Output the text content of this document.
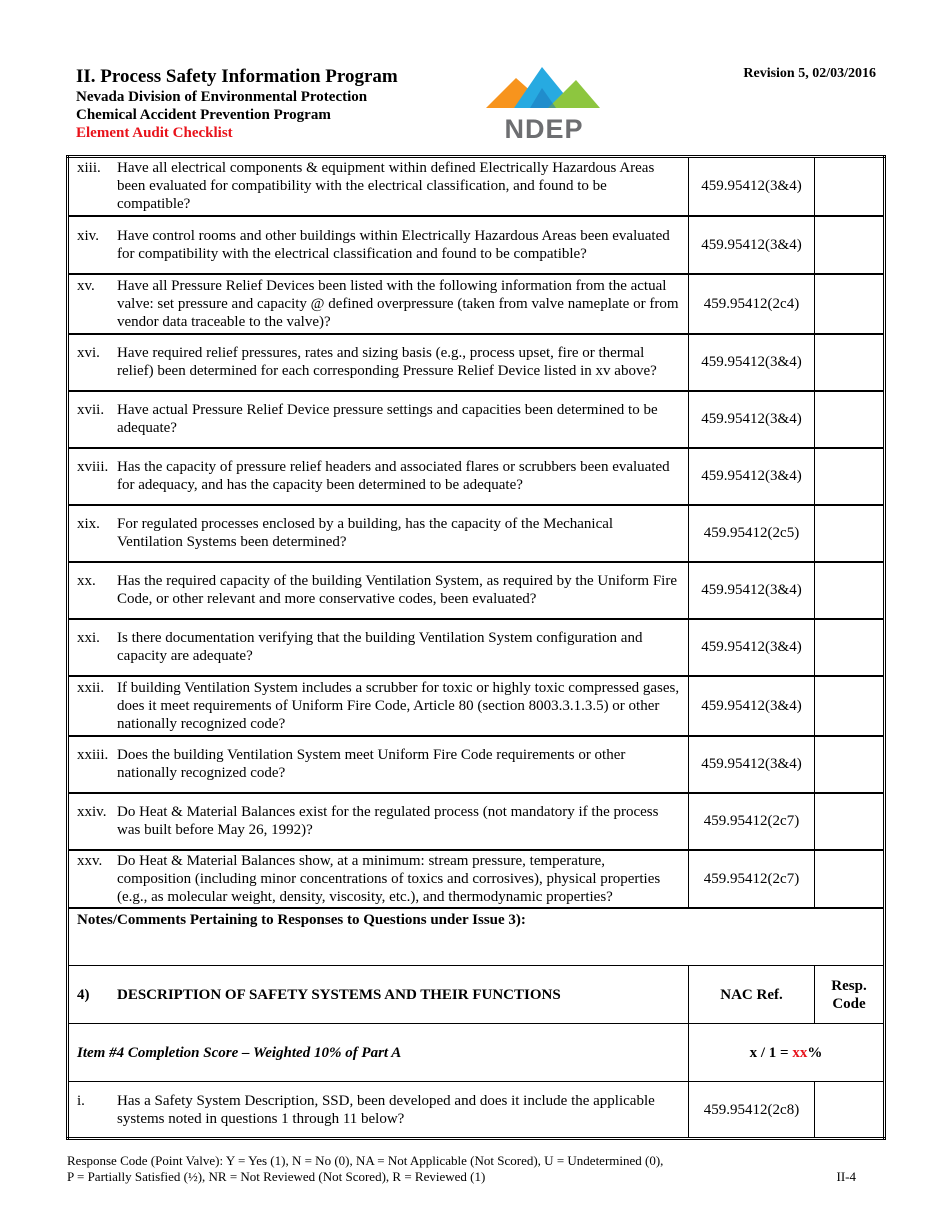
II. Process Safety Information Program
Nevada Division of Environmental Protection
Chemical Accident Prevention Program
Element Audit Checklist	NDEP
Revision 5, 02/03/2016
xiii. Have all electrical components & equipment within defined Electrically Hazardous Areas been evaluated for compatibility with the electrical classification, and found to be compatible?	459.95412(3&4)	

xiv. Have control rooms and other buildings within Electrically Hazardous Areas been evaluated for compatibility with the electrical classification and found to be compatible?	459.95412(3&4)	

xv. Have all Pressure Relief Devices been listed with the following information from the actual valve: set pressure and capacity @ defined overpressure (taken from valve nameplate or from vendor data traceable to the valve)?	459.95412(2c4)	

xvi. Have required relief pressures, rates and sizing basis (e.g., process upset, fire or thermal relief) been determined for each corresponding Pressure Relief Device listed in xv above?	459.95412(3&4)	

xvii. Have actual Pressure Relief Device pressure settings and capacities been determined to be adequate?	459.95412(3&4)	

xviii. Has the capacity of pressure relief headers and associated flares or scrubbers been evaluated for adequacy, and has the capacity been determined to be adequate?	459.95412(3&4)	

xix. For regulated processes enclosed by a building, has the capacity of the Mechanical Ventilation Systems been determined?	459.95412(2c5)	

xx. Has the required capacity of the building Ventilation System, as required by the Uniform Fire Code, or other relevant and more conservative codes, been evaluated?	459.95412(3&4)	

xxi. Is there documentation verifying that the building Ventilation System configuration and capacity are adequate?	459.95412(3&4)	

xxii. If building Ventilation System includes a scrubber for toxic or highly toxic compressed gases, does it meet requirements of Uniform Fire Code, Article 80 (section 8003.3.1.3.5) or other nationally recognized code?	459.95412(3&4)	

xxiii. Does the building Ventilation System meet Uniform Fire Code requirements or other nationally recognized code?	459.95412(3&4)	

xxiv. Do Heat & Material Balances exist for the regulated process (not mandatory if the process was built before May 26, 1992)?	459.95412(2c7)	

xxv. Do Heat & Material Balances show, at a minimum: stream pressure, temperature, composition (including minor concentrations of toxics and corrosives), physical properties (e.g., as molecular weight, density, viscosity, etc.), and thermodynamic properties?	459.95412(2c7)	
Notes/Comments Pertaining to Responses to Questions under Issue 3):		
4) DESCRIPTION OF SAFETY SYSTEMS AND THEIR FUNCTIONS	NAC Ref.	Resp.
Code

Item #4 Completion Score – Weighted 10% of Part A	x / 1 = xx%	

i. Has a Safety System Description, SSD, been developed and does it include the applicable systems noted in questions 1 through 11 below?	459.95412(2c8)	
Response Code (Point Valve): Y = Yes (1), N = No (0), NA = Not Applicable (Not Scored), U = Undetermined (0),
P = Partially Satisfied (½), NR = Not Reviewed (Not Scored), R = Reviewed (1)	II-4
